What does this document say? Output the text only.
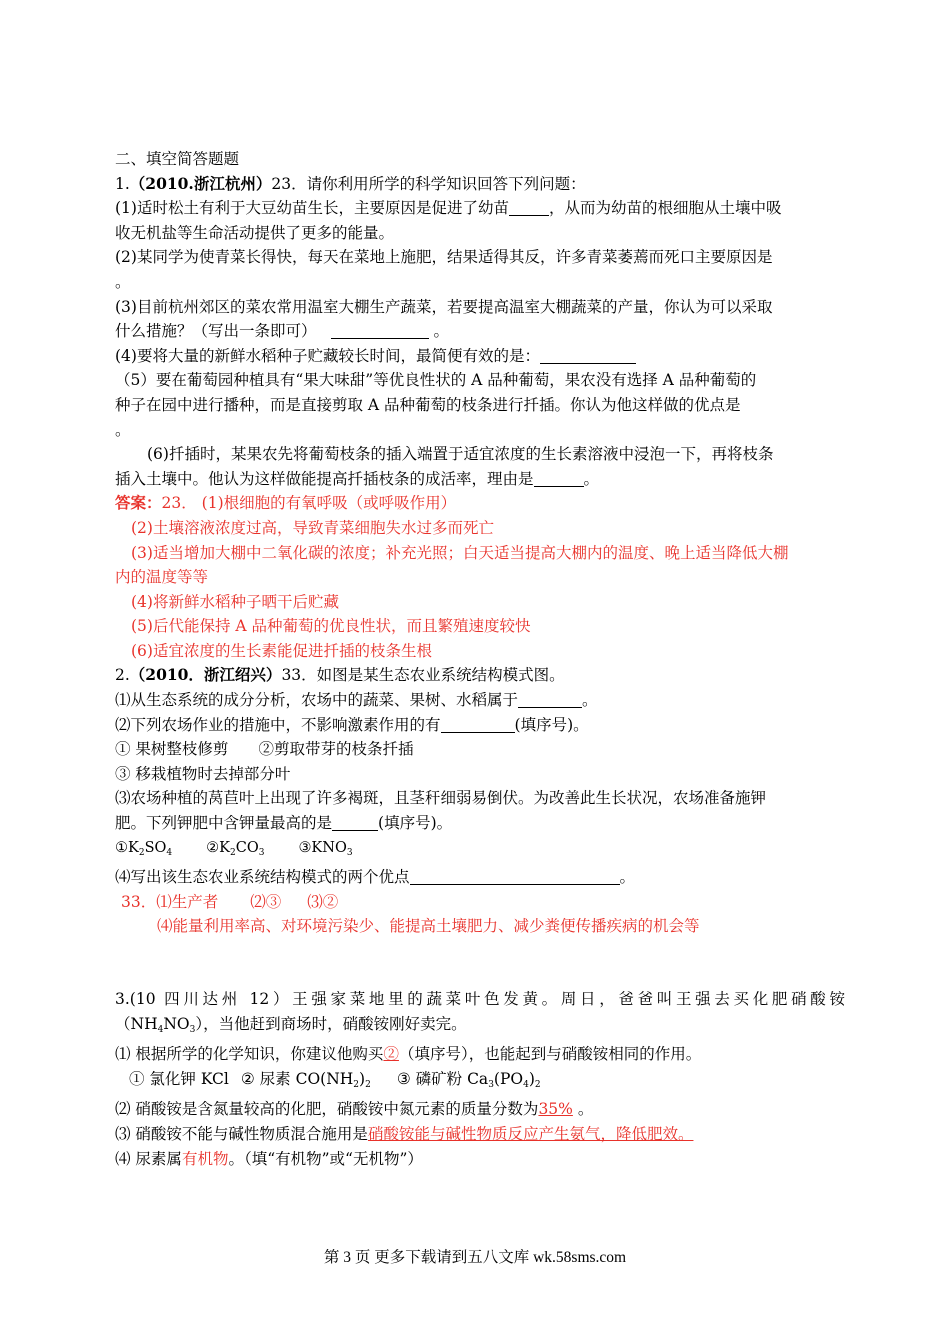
二、填空简答题题
1.（2010.浙江杭州）23．请你利用所学的科学知识回答下列问题：
(1)适时松土有利于大豆幼苗生长，主要原因是促进了幼苗	，从而为幼苗的根细胞从土壤中吸
收无机盐等生命活动提供了更多的能量。
(2)某同学为使青菜长得快，每天在菜地上施肥，结果适得其反，许多青菜萎蔫而死口主要原因是
。
(3)目前杭州郊区的菜农常用温室大棚生产蔬菜，若要提高温室大棚蔬菜的产量，你认为可以采取
什么措施？（写出一条即可）	。
(4)要将大量的新鲜水稻种子贮藏较长时间，最简便有效的是：
（5）要在葡萄园种植具有“果大味甜”等优良性状的 A 品种葡萄，果农没有选择 A 品种葡萄的
种子在园中进行播种，而是直接剪取 A 品种葡萄的枝条进行扦插。你认为他这样做的优点是
。
(6)扦插时，某果农先将葡萄枝条的插入端置于适宜浓度的生长素溶液中浸泡一下，再将枝条
插入土壤中。他认为这样做能提高扦插枝条的成活率，理由是	。
答案：23． (1)根细胞的有氧呼吸（或呼吸作用）
(2)土壤溶液浓度过高，导致青菜细胞失水过多而死亡
(3)适当增加大棚中二氧化碳的浓度；补充光照；白天适当提高大棚内的温度、晚上适当降低大棚
内的温度等等
(4)将新鲜水稻种子晒干后贮藏
(5)后代能保持 A 品种葡萄的优良性状，而且繁殖速度较快
(6)适宜浓度的生长素能促进扦插的枝条生根
2.（2010．浙江绍兴）33．如图是某生态农业系统结构模式图。
⑴从生态系统的成分分析，农场中的蔬菜、果树、水稻属于	。
⑵下列农场作业的措施中，不影响激素作用的有	(填序号)。
① 果树整枝修剪 ②剪取带芽的枝条扦插
③ 移栽植物时去掉部分叶
⑶农场种植的莴苣叶上出现了许多褐斑，且茎秆细弱易倒伏。为改善此生长状况，农场准备施钾
肥。下列钾肥中含钾量最高的是	(填序号)。
$①K_2SO_4$ $②K_2CO_3$ $③KNO_3$
⑷写出该生态农业系统结构模式的两个优点	。
33．⑴生产者 ⑵③ ⑶②
⑷能量利用率高、对环境污染少、能提高土壤肥力、减少粪便传播疾病的机会等
3.(10 四川达州 12）王强家菜地里的蔬菜叶色发黄。周日，爸爸叫王强去买化肥硝酸铵
$(NH_4NO_3)$，当他赶到商场时，硝酸铵刚好卖完。
⑴ 根据所学的化学知识，你建议他购买②（填序号），也能起到与硝酸铵相同的作用。
① 氯化钾 KCl ② 尿素 $CO(NH_2)_2$ ③ 磷矿粉 $Ca_3(PO_4)_2$
⑵ 硝酸铵是含氮量较高的化肥，硝酸铵中氮元素的质量分数为35% 。
⑶ 硝酸铵不能与碱性物质混合施用是硝酸铵能与碱性物质反应产生氨气，降低肥效。
⑷ 尿素属有机物。（填“有机物”或“无机物”）
第 3 页 更多下载请到五八文库 wk.58sms.com
